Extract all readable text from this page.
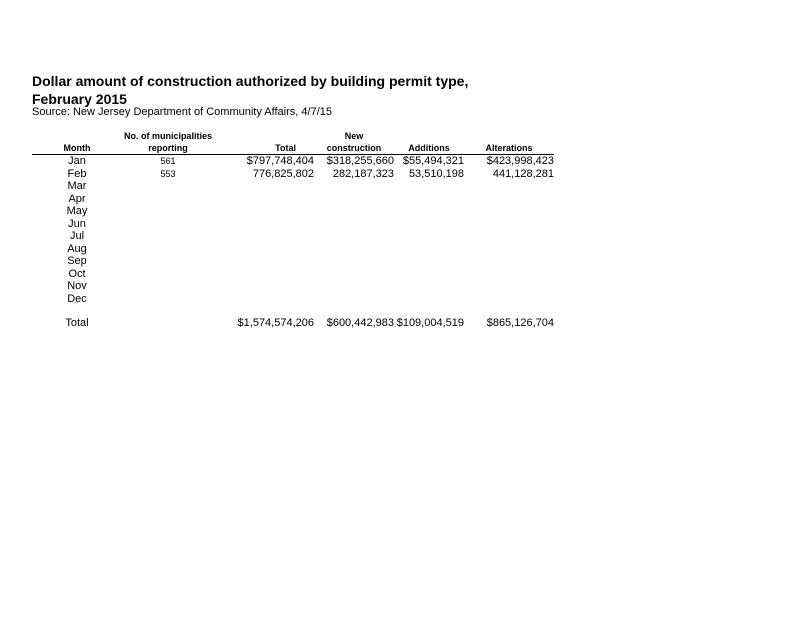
Dollar amount of construction authorized by building permit type,
February 2015

Source: New Jersey Department of Community Affairs, 4/7/15

	No. of municipalities		New		
Month	reporting	Total	construction	Additions	Alterations
Jan	561	$797,748,404	$318,255,660	$55,494,321	$423,998,423
Feb	553	776,825,802	282,187,323	53,510,198	441,128,281
Mar					
Apr					
May					
Jun					
Jul					
Aug					
Sep					
Oct					
Nov					
Dec					

Total		$1,574,574,206	$600,442,983	$109,004,519	$865,126,704
